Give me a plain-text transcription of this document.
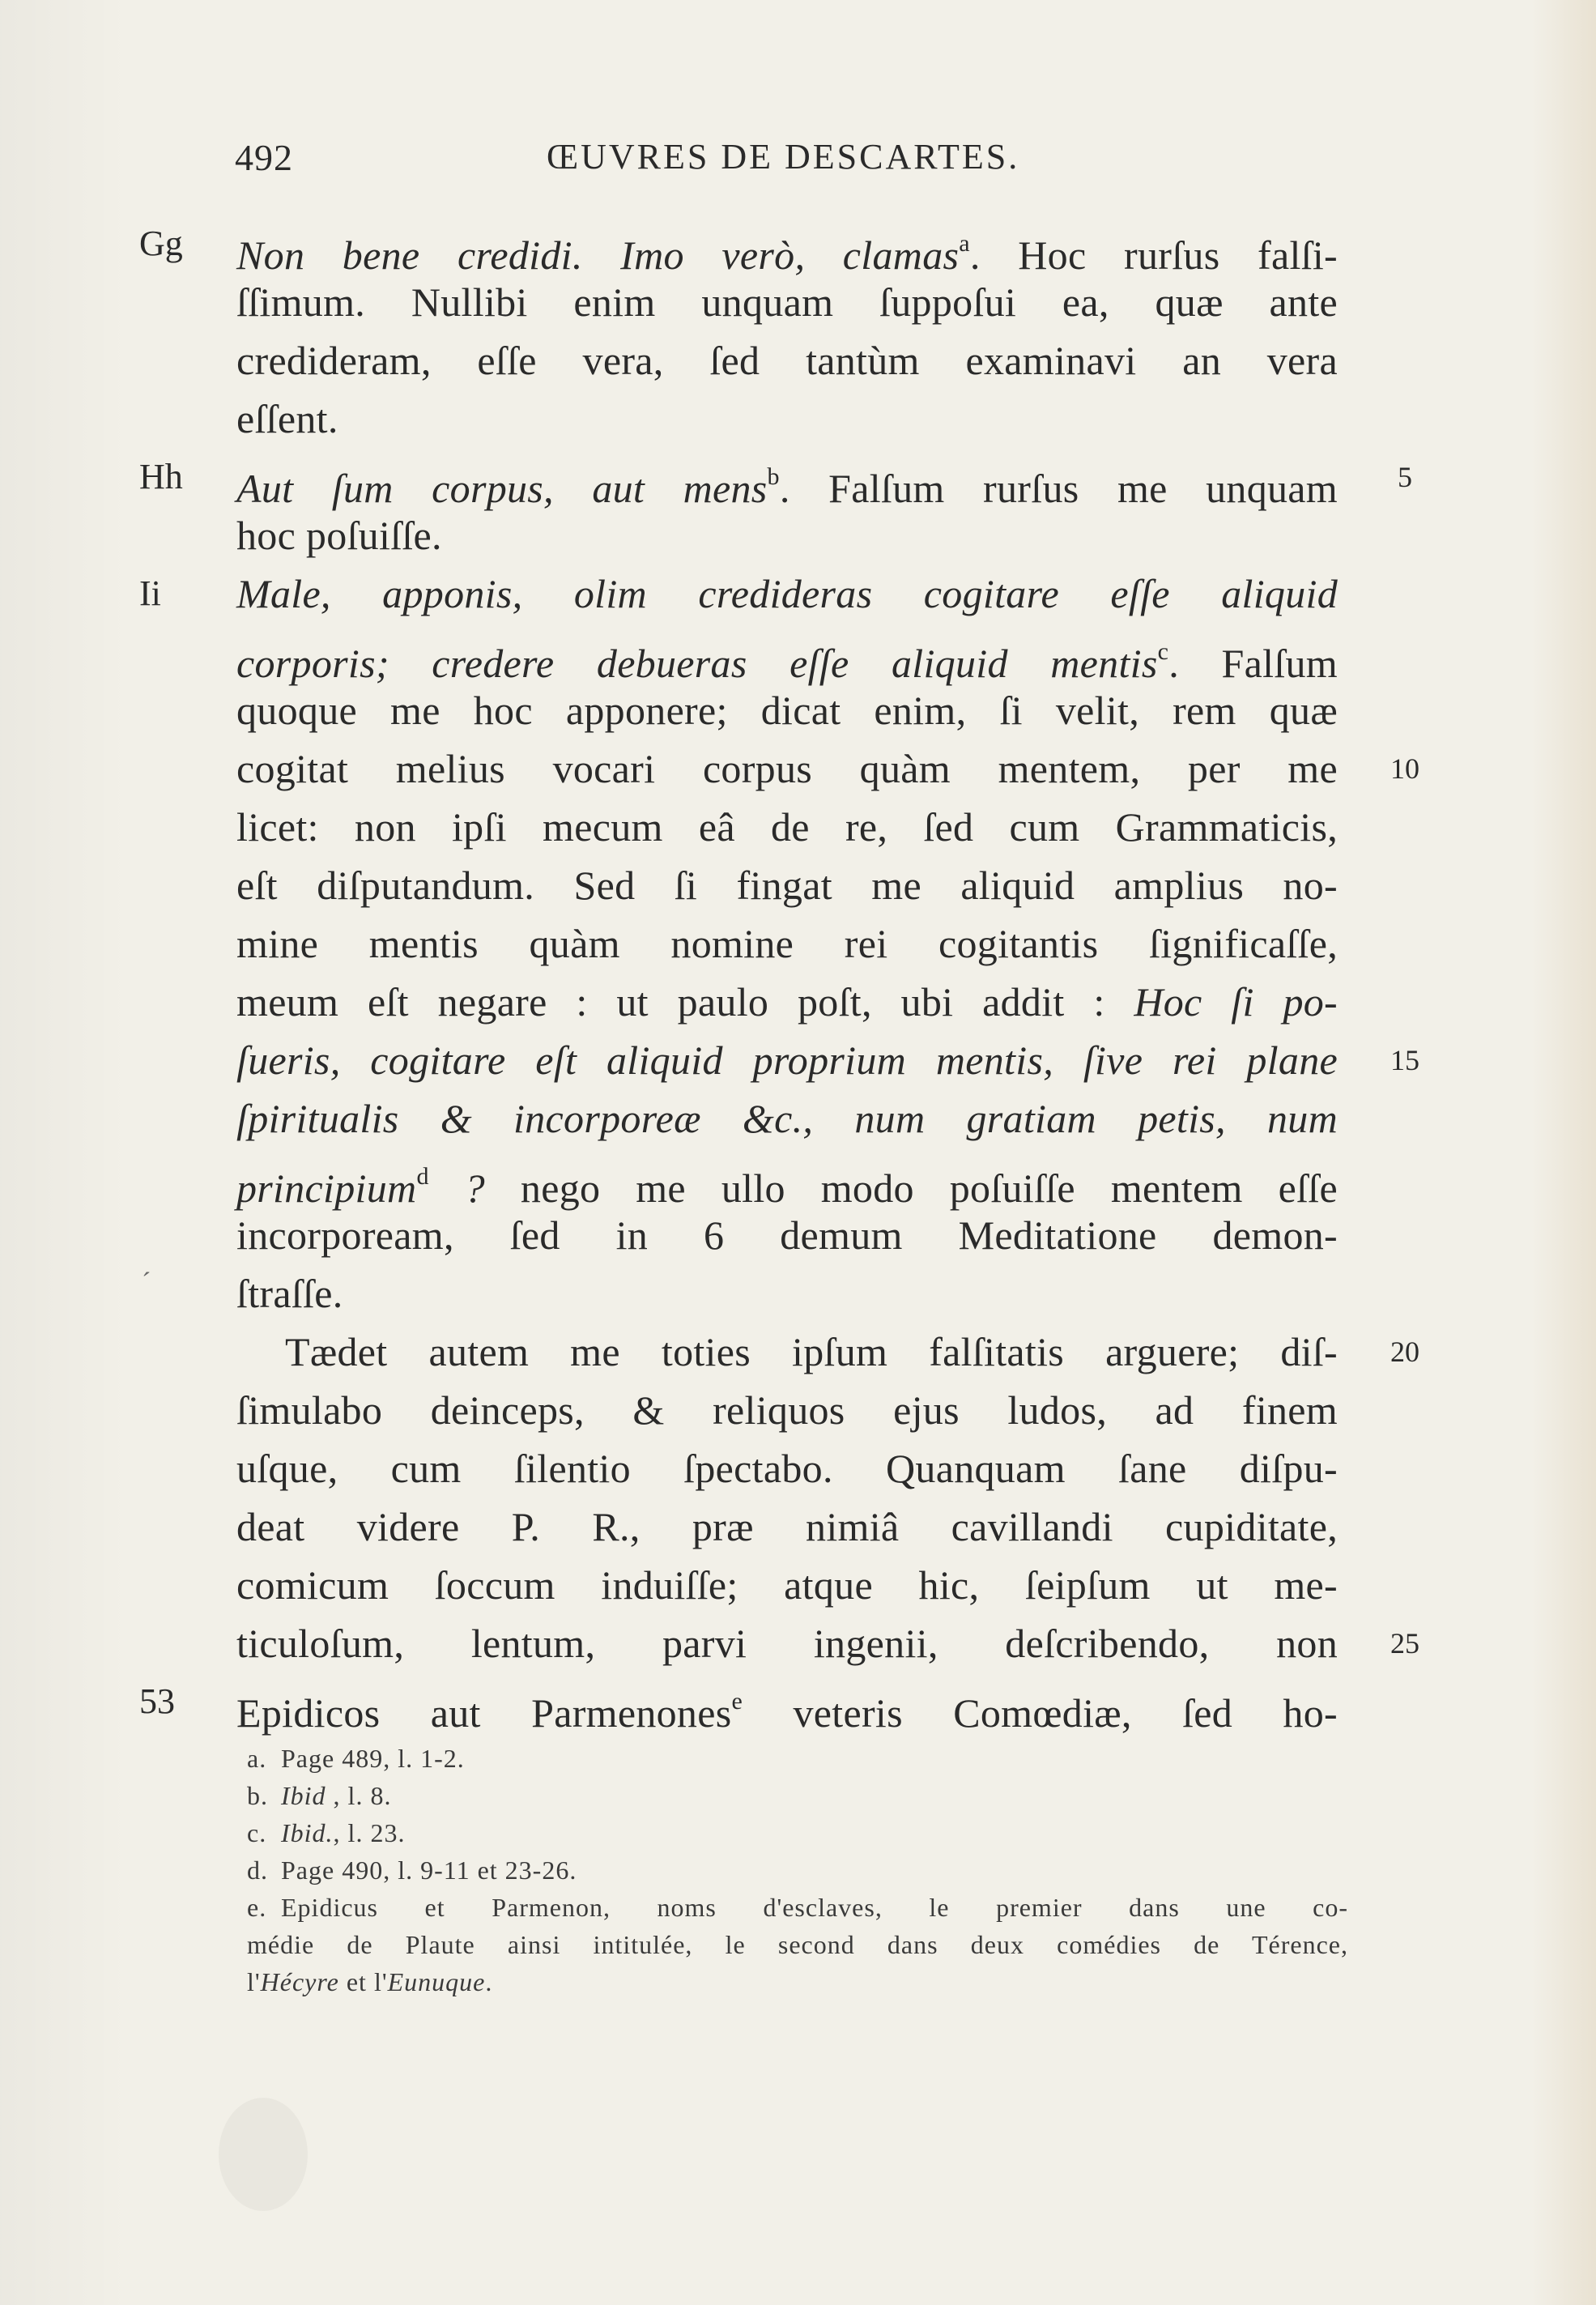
492	ŒUVRES DE DESCARTES.
Non bene credidi. Imo verò, clamas$^a$. Hoc rurſus falſi-
Gg
ſſimum. Nullibi enim unquam ſuppoſui ea, quæ ante
credideram, eſſe vera, ſed tantùm examinavi an vera
eſſent.
Aut ſum corpus, aut mens$^b$. Falſum rurſus me unquam
Hh	5
hoc poſuiſſe.
Male, apponis, olim credideras cogitare eſſe aliquid
Ii
corporis; credere debueras eſſe aliquid mentis$^c$. Falſum
quoque me hoc apponere; dicat enim, ſi velit, rem quæ
cogitat melius vocari corpus quàm mentem, per me	10
licet: non ipſi mecum eâ de re, ſed cum Grammaticis,
eſt diſputandum. Sed ſi fingat me aliquid amplius no-
mine mentis quàm nomine rei cogitantis ſignificaſſe,
meum eſt negare : ut paulo poſt, ubi addit : Hoc ſi po-
ſueris, cogitare eſt aliquid proprium mentis, ſive rei plane	15
ſpiritualis & incorporeæ &c., num gratiam petis, num
principium$^d$ ? nego me ullo modo poſuiſſe mentem eſſe
incorpoream, ſed in 6 demum Meditatione demon-
ſtraſſe.
Tædet autem me toties ipſum falſitatis arguere; diſ-	20
ſimulabo deinceps, & reliquos ejus ludos, ad finem
uſque, cum ſilentio ſpectabo. Quanquam ſane diſpu-
deat videre P. R., præ nimiâ cavillandi cupiditate,
comicum ſoccum induiſſe; atque hic, ſeipſum ut me-
ticuloſum, lentum, parvi ingenii, deſcribendo, non	25
Epidicos aut Parmenones$^e$ veteris Comœdiæ, ſed ho-
53
´
a. Page 489, l. 1-2.
b. Ibid , l. 8.
c. Ibid., l. 23.
d. Page 490, l. 9-11 et 23-26.
e. Epidicus et Parmenon, noms d'esclaves, le premier dans une co-
médie de Plaute ainsi intitulée, le second dans deux comédies de Térence,
l'Hécyre et l'Eunuque.
